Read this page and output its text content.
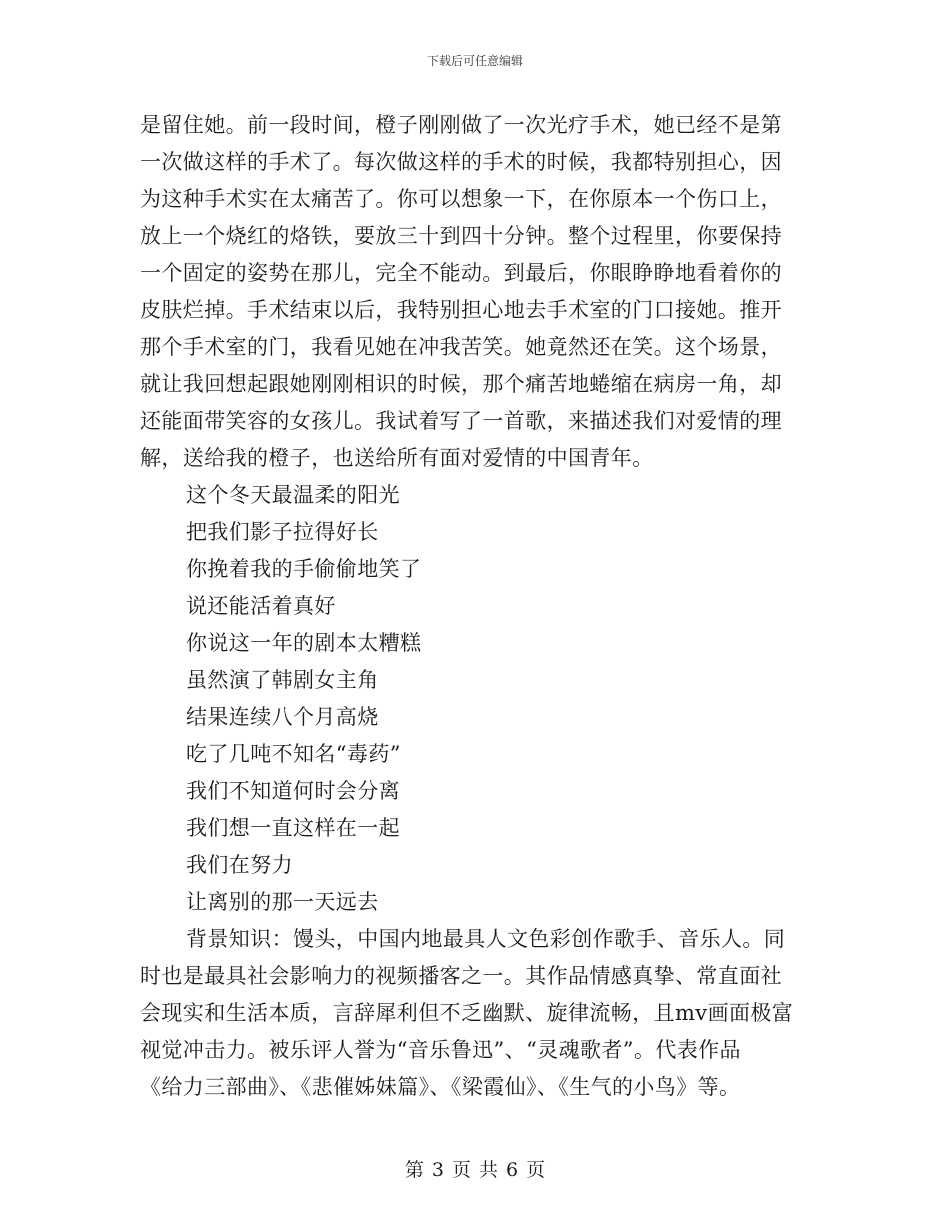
下载后可任意编辑
是留住她。前一段时间，橙子刚刚做了一次光疗手术，她已经不是第
一次做这样的手术了。每次做这样的手术的时候，我都特别担心，因
为这种手术实在太痛苦了。你可以想象一下，在你原本一个伤口上，
放上一个烧红的烙铁，要放三十到四十分钟。整个过程里，你要保持
一个固定的姿势在那儿，完全不能动。到最后，你眼睁睁地看着你的
皮肤烂掉。手术结束以后，我特别担心地去手术室的门口接她。推开
那个手术室的门，我看见她在冲我苦笑。她竟然还在笑。这个场景，
就让我回想起跟她刚刚相识的时候，那个痛苦地蜷缩在病房一角，却
还能面带笑容的女孩儿。我试着写了一首歌，来描述我们对爱情的理
解，送给我的橙子，也送给所有面对爱情的中国青年。
这个冬天最温柔的阳光
把我们影子拉得好长
你挽着我的手偷偷地笑了
说还能活着真好
你说这一年的剧本太糟糕
虽然演了韩剧女主角
结果连续八个月高烧
吃了几吨不知名“毒药”
我们不知道何时会分离
我们想一直这样在一起
我们在努力
让离别的那一天远去
背景知识：馒头，中国内地最具人文色彩创作歌手、音乐人。同
时也是最具社会影响力的视频播客之一。其作品情感真挚、常直面社
会现实和生活本质，言辞犀利但不乏幽默、旋律流畅，且mv画面极富
视觉冲击力。被乐评人誉为“音乐鲁迅”、“灵魂歌者”。代表作品
《给力三部曲》、《悲催姊妹篇》、《梁霞仙》、《生气的小鸟》等。
第 3 页 共 6 页
